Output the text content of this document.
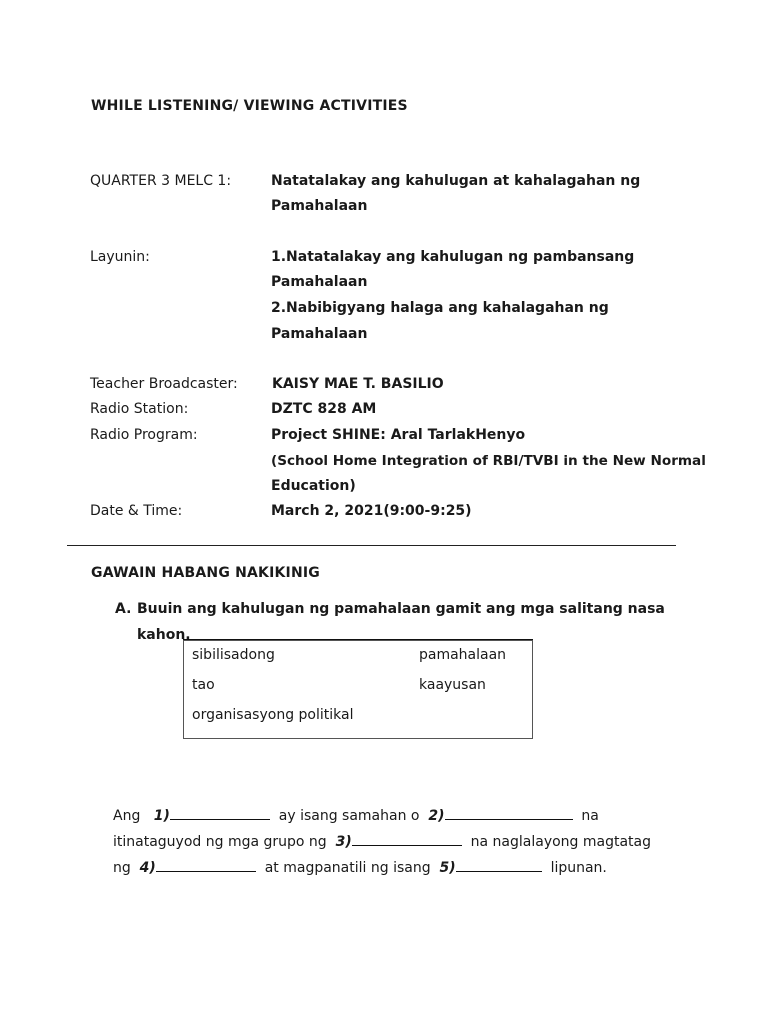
WHILE LISTENING/ VIEWING ACTIVITIES
QUARTER 3 MELC 1:	Natatalakay ang kahulugan at kahalagahan ng
Pamahalaan
Layunin:	1.Natatalakay ang kahulugan ng pambansang
Pamahalaan
2.Nabibigyang halaga ang kahalagahan ng
Pamahalaan
Teacher Broadcaster: KAISY MAE T. BASILIO
Radio Station:	DZTC 828 AM
Radio Program:	Project SHINE: Aral TarlakHenyo
(School Home Integration of RBI/TVBI in the New Normal
Education)
Date & Time:	March 2, 2021(9:00-9:25)
GAWAIN HABANG NAKIKINIG
A. Buuin ang kahulugan ng pamahalaan gamit ang mga salitang nasa
kahon.
sibilisadong	pamahalaan
tao	kaayusan
organisasyong politikal
Ang 1)	ay isang samahan o 2)	na
itinataguyod ng mga grupo ng 3)	na naglalayong magtatag
ng 4)	at magpanatili ng isang 5)	lipunan.
